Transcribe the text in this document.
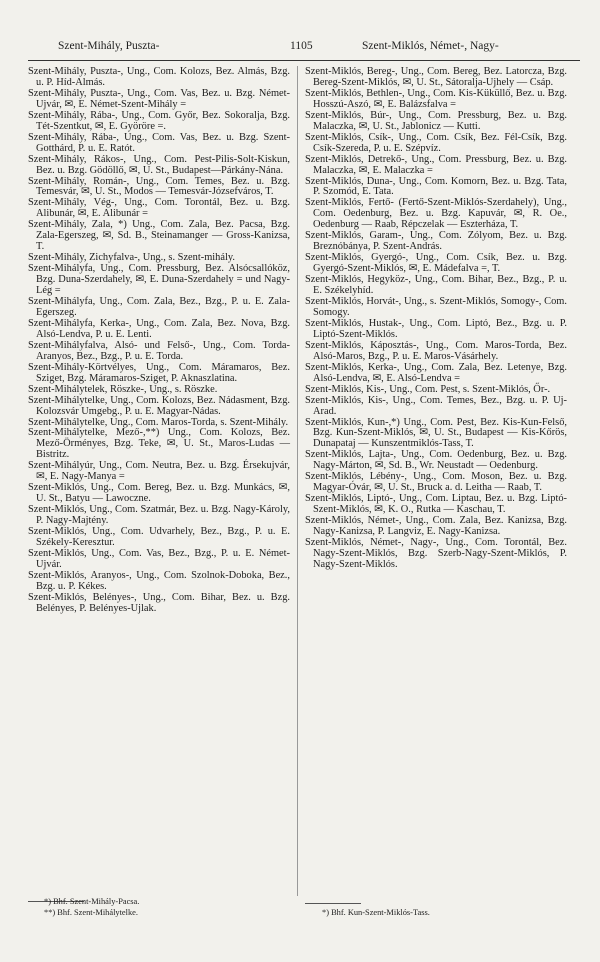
Szent-Mihály, Puszta-	1105	Szent-Miklós, Német-, Nagy-

Szent-Mihály, Puszta-, Ung., Com. Kolozs, Bez. Almás, Bzg. u. P. Híd-Almás.

Szent-Mihály, Puszta-, Ung., Com. Vas, Bez. u. Bzg. Német-Ujvár, ✉, E. Német-Szent-Mihály =

Szent-Mihály, Rába-, Ung., Com. Győr, Bez. Sokoralja, Bzg. Tét-Szentkut, ✉, E. Györöre =.

Szent-Mihály, Rába-, Ung., Com. Vas, Bez. u. Bzg. Szent-Gotthárd, P. u. E. Ratót.

Szent-Mihály, Rákos-, Ung., Com. Pest-Pilis-Solt-Kiskun, Bez. u. Bzg. Gödöllő, ✉, U. St., Budapest—Párkány-Nána.

Szent-Mihály, Román-, Ung., Com. Temes, Bez. u. Bzg. Temesvár, ✉, U. St., Modos — Temesvár-Józsefváros, T.

Szent-Mihály, Vég-, Ung., Com. Torontál, Bez. u. Bzg. Alibunár, ✉, E. Alibunár =

Szent-Mihály, Zala, *) Ung., Com. Zala, Bez. Pacsa, Bzg. Zala-Egerszeg, ✉, Sd. B., Steinamanger — Gross-Kanizsa, T.

Szent-Mihály, Zichyfalva-, Ung., s. Szent-mihály.

Szent-Mihályfa, Ung., Com. Pressburg, Bez. Alsócsallóköz, Bzg. Duna-Szerdahely, ✉, E. Duna-Szerdahely = und Nagy-Lég =

Szent-Mihályfa, Ung., Com. Zala, Bez., Bzg., P. u. E. Zala-Egerszeg.

Szent-Mihályfa, Kerka-, Ung., Com. Zala, Bez. Nova, Bzg. Alsó-Lendva, P. u. E. Lenti.

Szent-Mihályfalva, Alsó- und Felső-, Ung., Com. Torda-Aranyos, Bez., Bzg., P. u. E. Torda.

Szent-Mihály-Körtvélyes, Ung., Com. Máramaros, Bez. Sziget, Bzg. Máramaros-Sziget, P. Aknaszlatina.

Szent-Mihálytelek, Röszke-, Ung., s. Röszke.

Szent-Mihálytelke, Ung., Com. Kolozs, Bez. Nádasment, Bzg. Kolozsvár Umgebg., P. u. E. Magyar-Nádas.

Szent-Mihálytelke, Ung., Com. Maros-Torda, s. Szent-Mihály.

Szent-Mihálytelke, Mező-,**) Ung., Com. Kolozs, Bez. Mező-Örményes, Bzg. Teke, ✉, U. St., Maros-Ludas — Bistritz.

Szent-Mihályúr, Ung., Com. Neutra, Bez. u. Bzg. Érsekujvár, ✉, E. Nagy-Manya =

Szent-Miklós, Ung., Com. Bereg, Bez. u. Bzg. Munkács, ✉, U. St., Batyu — Lawoczne.

Szent-Miklós, Ung., Com. Szatmár, Bez. u. Bzg. Nagy-Károly, P. Nagy-Majtény.

Szent-Miklós, Ung., Com. Udvarhely, Bez., Bzg., P. u. E. Székely-Keresztur.

Szent-Miklós, Ung., Com. Vas, Bez., Bzg., P. u. E. Német-Ujvár.

Szent-Miklós, Aranyos-, Ung., Com. Szolnok-Doboka, Bez., Bzg. u. P. Kékes.

Szent-Miklós, Belényes-, Ung., Com. Bihar, Bez. u. Bzg. Belényes, P. Belényes-Ujlak.

Szent-Miklós, Bereg-, Ung., Com. Bereg, Bez. Latorcza, Bzg. Bereg-Szent-Miklós, ✉, U. St., Sátoralja-Ujhely — Csáp.

Szent-Miklós, Bethlen-, Ung., Com. Kis-Küküllő, Bez. u. Bzg. Hosszú-Aszó, ✉, E. Balázsfalva =

Szent-Miklós, Búr-, Ung., Com. Pressburg, Bez. u. Bzg. Malaczka, ✉, U. St., Jablonicz — Kutti.

Szent-Miklós, Csík-, Ung., Com. Csík, Bez. Fél-Csík, Bzg. Csík-Szereda, P. u. E. Szépvíz.

Szent-Miklós, Detrekő-, Ung., Com. Pressburg, Bez. u. Bzg. Malaczka, ✉, E. Malaczka =

Szent-Miklós, Duna-, Ung., Com. Komorn, Bez. u. Bzg. Tata, P. Szomód, E. Tata.

Szent-Miklós, Fertő- (Fertő-Szent-Miklós-Szerdahely), Ung., Com. Oedenburg, Bez. u. Bzg. Kapuvár, ✉, R. Oe., Oedenburg — Raab, Répczelak — Eszterháza, T.

Szent-Miklós, Garam-, Ung., Com. Zólyom, Bez. u. Bzg. Breznóbánya, P. Szent-András.

Szent-Miklós, Gyergó-, Ung., Com. Csík, Bez. u. Bzg. Gyergó-Szent-Miklós, ✉, E. Mádefalva =, T.

Szent-Miklós, Hegyköz-, Ung., Com. Bihar, Bez., Bzg., P. u. E. Székelyhíd.

Szent-Miklós, Horvát-, Ung., s. Szent-Miklós, Somogy-, Com. Somogy.

Szent-Miklós, Hustak-, Ung., Com. Liptó, Bez., Bzg. u. P. Liptó-Szent-Miklós.

Szent-Miklós, Káposztás-, Ung., Com. Maros-Torda, Bez. Alsó-Maros, Bzg., P. u. E. Maros-Vásárhely.

Szent-Miklós, Kerka-, Ung., Com. Zala, Bez. Letenye, Bzg. Alsó-Lendva, ✉, E. Alsó-Lendva =

Szent-Miklós, Kis-, Ung., Com. Pest, s. Szent-Miklós, Őr-.

Szent-Miklós, Kis-, Ung., Com. Temes, Bez., Bzg. u. P. Uj-Arad.

Szent-Miklós, Kun-,*) Ung., Com. Pest, Bez. Kis-Kun-Felső, Bzg. Kun-Szent-Miklós, ✉, U. St., Budapest — Kis-Kőrös, Dunapataj — Kunszentmiklós-Tass, T.

Szent-Miklós, Lajta-, Ung., Com. Oedenburg, Bez. u. Bzg. Nagy-Márton, ✉, Sd. B., Wr. Neustadt — Oedenburg.

Szent-Miklós, Lébény-, Ung., Com. Moson, Bez. u. Bzg. Magyar-Óvár, ✉, U. St., Bruck a. d. Leitha — Raab, T.

Szent-Miklós, Liptó-, Ung., Com. Liptau, Bez. u. Bzg. Liptó-Szent-Miklós, ✉, K. O., Rutka — Kaschau, T.

Szent-Miklós, Német-, Ung., Com. Zala, Bez. Kanizsa, Bzg. Nagy-Kanizsa, P. Langviz, E. Nagy-Kanizsa.

Szent-Miklós, Német-, Nagy-, Ung., Com. Torontál, Bez. Nagy-Szent-Miklós, Bzg. Szerb-Nagy-Szent-Miklós, P. Nagy-Szent-Miklós.

*) Bhf. Szent-Mihály-Pacsa.
**) Bhf. Szent-Mihálytelke.	*) Bhf. Kun-Szent-Miklós-Tass.
